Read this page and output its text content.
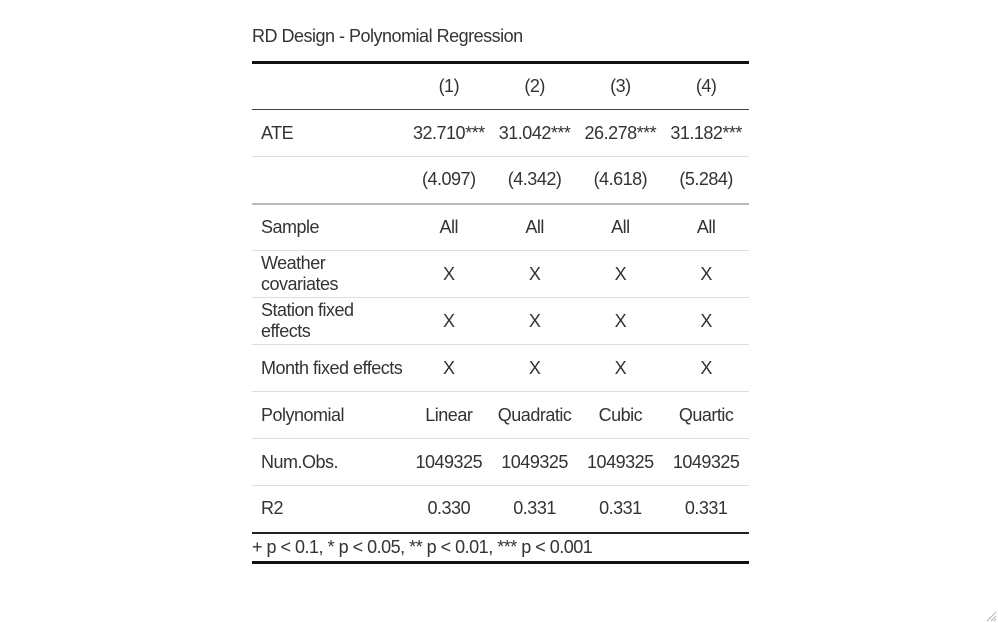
RD Design - Polynomial Regression
	(1)	(2)	(3)	(4)
ATE	32.710***	31.042***	26.278***	31.182***
	(4.097)	(4.342)	(4.618)	(5.284)
Sample	All	All	All	All
Weather covariates	X	X	X	X
Station fixed effects	X	X	X	X
Month fixed effects	X	X	X	X
Polynomial	Linear	Quadratic	Cubic	Quartic
Num.Obs.	1049325	1049325	1049325	1049325
R2	0.330	0.331	0.331	0.331
+ p < 0.1, * p < 0.05, ** p < 0.01, *** p < 0.001				
